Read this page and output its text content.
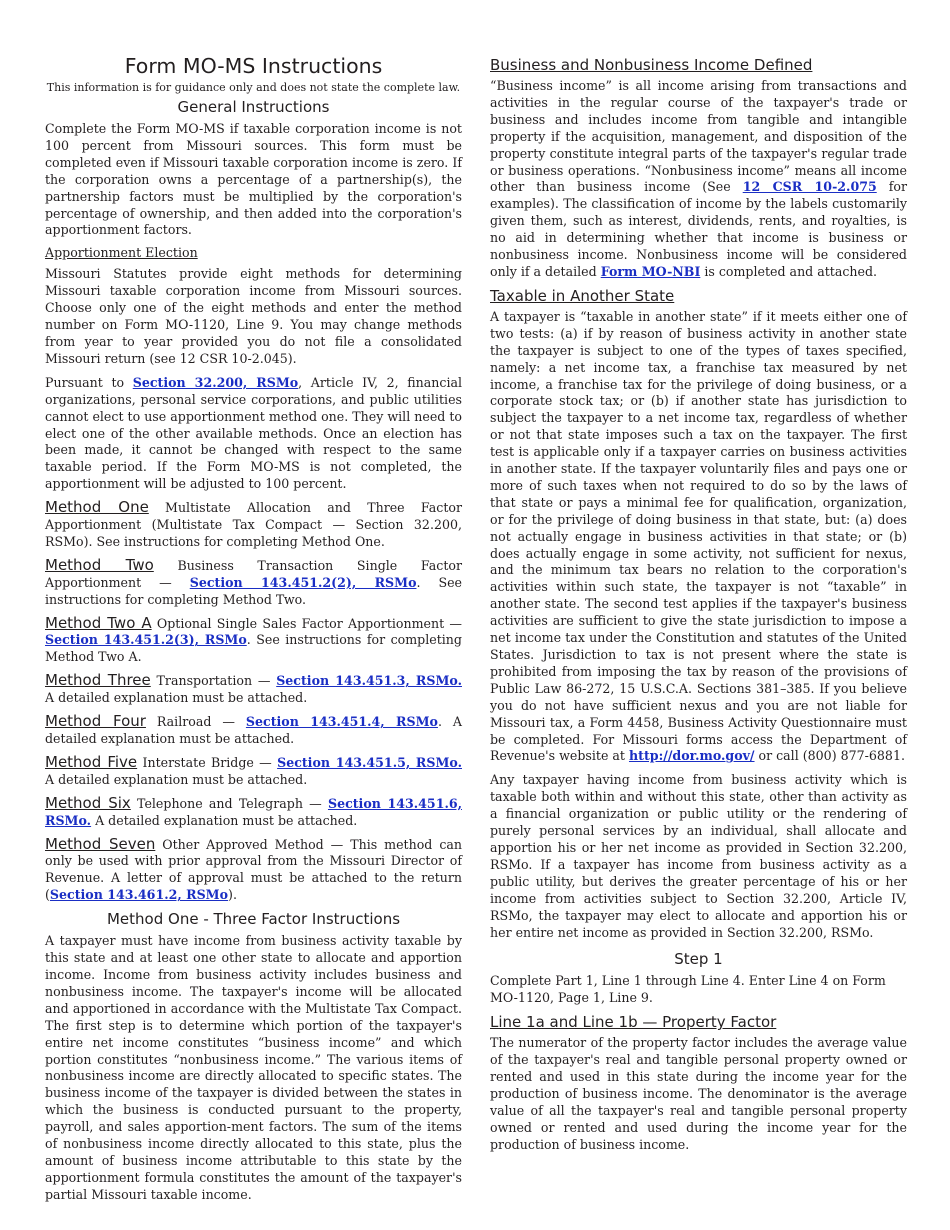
Form MO-MS Instructions
This information is for guidance only and does not state the complete law.
General Instructions

Complete the Form MO-MS if taxable corporation income is not 100 percent from Missouri sources. This form must be completed even if Missouri taxable corporation income is zero. If the corporation owns a percentage of a partnership(s), the partnership factors must be multiplied by the corporation's percentage of ownership, and then added into the corporation's apportionment factors.

Apportionment Election

Missouri Statutes provide eight methods for determining Missouri taxable corporation income from Missouri sources. Choose only one of the eight methods and enter the method number on Form MO-1120, Line 9. You may change methods from year to year provided you do not file a consolidated Missouri return (see 12 CSR 10-2.045).

Pursuant to Section 32.200, RSMo, Article IV, 2, financial organizations, personal service corporations, and public utilities cannot elect to use apportionment method one. They will need to elect one of the other available methods. Once an election has been made, it cannot be changed with respect to the same taxable period. If the Form MO-MS is not completed, the apportionment will be adjusted to 100 percent.

Method One Multistate Allocation and Three Factor Apportionment (Multistate Tax Compact — Section 32.200, RSMo). See instructions for completing Method One.

Method Two Business Transaction Single Factor Apportionment — Section 143.451.2(2), RSMo. See instructions for completing Method Two.

Method Two A Optional Single Sales Factor Apportionment — Section 143.451.2(3), RSMo. See instructions for completing Method Two A.

Method Three Transportation — Section 143.451.3, RSMo. A detailed explanation must be attached.

Method Four Railroad — Section 143.451.4, RSMo. A detailed explanation must be attached.

Method Five Interstate Bridge — Section 143.451.5, RSMo. A detailed explanation must be attached.

Method Six Telephone and Telegraph — Section 143.451.6, RSMo. A detailed explanation must be attached.

Method Seven Other Approved Method — This method can only be used with prior approval from the Missouri Director of Revenue. A letter of approval must be attached to the return (Section 143.461.2, RSMo).

Method One - Three Factor Instructions

A taxpayer must have income from business activity taxable by this state and at least one other state to allocate and apportion income. Income from business activity includes business and nonbusiness income. The taxpayer's income will be allocated and apportioned in accordance with the Multistate Tax Compact. The first step is to determine which portion of the taxpayer's entire net income constitutes “business income” and which portion constitutes “nonbusiness income.” The various items of nonbusiness income are directly allocated to specific states. The business income of the taxpayer is divided between the states in which the business is conducted pursuant to the property, payroll, and sales apportion-ment factors. The sum of the items of nonbusiness income directly allocated to this state, plus the amount of business income attributable to this state by the apportionment formula constitutes the amount of the taxpayer's partial Missouri taxable income.

Business and Nonbusiness Income Defined

“Business income” is all income arising from transactions and activities in the regular course of the taxpayer's trade or business and includes income from tangible and intangible property if the acquisition, management, and disposition of the property constitute integral parts of the taxpayer's regular trade or business operations. “Nonbusiness income” means all income other than business income (See 12 CSR 10-2.075 for examples). The classification of income by the labels customarily given them, such as interest, dividends, rents, and royalties, is no aid in determining whether that income is business or nonbusiness income. Nonbusiness income will be considered only if a detailed Form MO-NBI is completed and attached.

Taxable in Another State

A taxpayer is “taxable in another state” if it meets either one of two tests: (a) if by reason of business activity in another state the taxpayer is subject to one of the types of taxes specified, namely: a net income tax, a franchise tax measured by net income, a franchise tax for the privilege of doing business, or a corporate stock tax; or (b) if another state has jurisdiction to subject the taxpayer to a net income tax, regardless of whether or not that state imposes such a tax on the taxpayer. The first test is applicable only if a taxpayer carries on business activities in another state. If the taxpayer voluntarily files and pays one or more of such taxes when not required to do so by the laws of that state or pays a minimal fee for qualification, organization, or for the privilege of doing business in that state, but: (a) does not actually engage in business activities in that state; or (b) does actually engage in some activity, not sufficient for nexus, and the minimum tax bears no relation to the corporation's activities within such state, the taxpayer is not “taxable” in another state. The second test applies if the taxpayer's business activities are sufficient to give the state jurisdiction to impose a net income tax under the Constitution and statutes of the United States. Jurisdiction to tax is not present where the state is prohibited from imposing the tax by reason of the provisions of Public Law 86-272, 15 U.S.C.A. Sections 381–385. If you believe you do not have sufficient nexus and you are not liable for Missouri tax, a Form 4458, Business Activity Questionnaire must be completed. For Missouri forms access the Department of Revenue's website at http://dor.mo.gov/ or call (800) 877-6881.

Any taxpayer having income from business activity which is taxable both within and without this state, other than activity as a financial organization or public utility or the rendering of purely personal services by an individual, shall allocate and apportion his or her net income as provided in Section 32.200, RSMo. If a taxpayer has income from business activity as a public utility, but derives the greater percentage of his or her income from activities subject to Section 32.200, Article IV, RSMo, the taxpayer may elect to allocate and apportion his or her entire net income as provided in Section 32.200, RSMo.

Step 1

Complete Part 1, Line 1 through Line 4. Enter Line 4 on Form
MO-1120, Page 1, Line 9.

Line 1a and Line 1b — Property Factor

The numerator of the property factor includes the average value of the taxpayer's real and tangible personal property owned or rented and used in this state during the income year for the production of business income. The denominator is the average value of all the taxpayer's real and tangible personal property owned or rented and used during the income year for the production of business income.
